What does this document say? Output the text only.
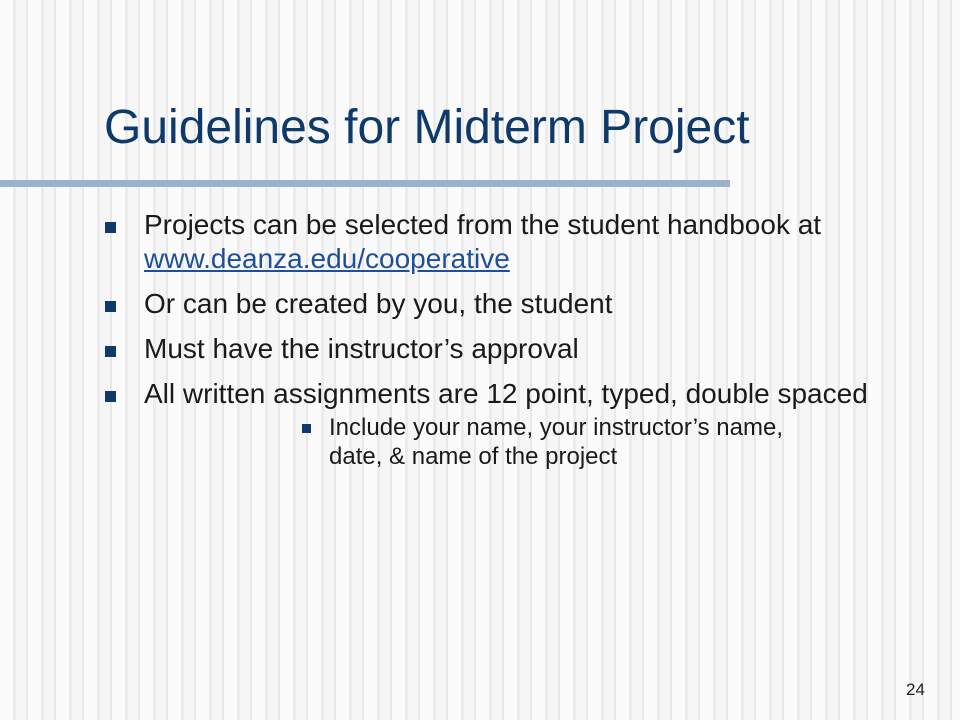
Guidelines for Midterm Project
Projects can be selected from the student handbook at www.deanza.edu/cooperative
Or can be created by you, the student
Must have the instructor’s approval
All written assignments are 12 point, typed, double spaced
Include your name, your instructor’s name, date, & name of the project
24
